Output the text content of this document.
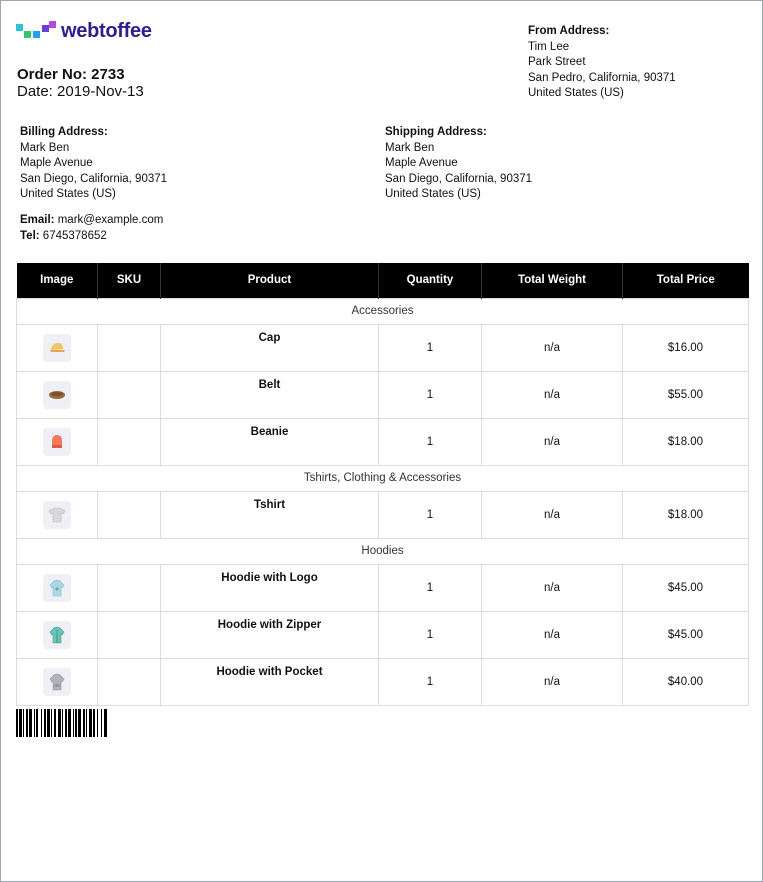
webtoffee
Order No: 2733
Date: 2019-Nov-13
From Address:
Tim Lee
Park Street
San Pedro, California, 90371
United States (US)
Billing Address:
Mark Ben
Maple Avenue
San Diego, California, 90371
United States (US)
Shipping Address:
Mark Ben
Maple Avenue
San Diego, California, 90371
United States (US)
Email: mark@example.com
Tel: 6745378652
Image	SKU	Product	Quantity	Total Weight	Total Price
Accessories					

		Cap	1	n/a	$16.00

		Belt	1	n/a	$55.00

		Beanie	1	n/a	$18.00
Tshirts, Clothing & Accessories					

		Tshirt	1	n/a	$18.00
Hoodies					

		Hoodie with Logo	1	n/a	$45.00

		Hoodie with Zipper	1	n/a	$45.00

		Hoodie with Pocket	1	n/a	$40.00
